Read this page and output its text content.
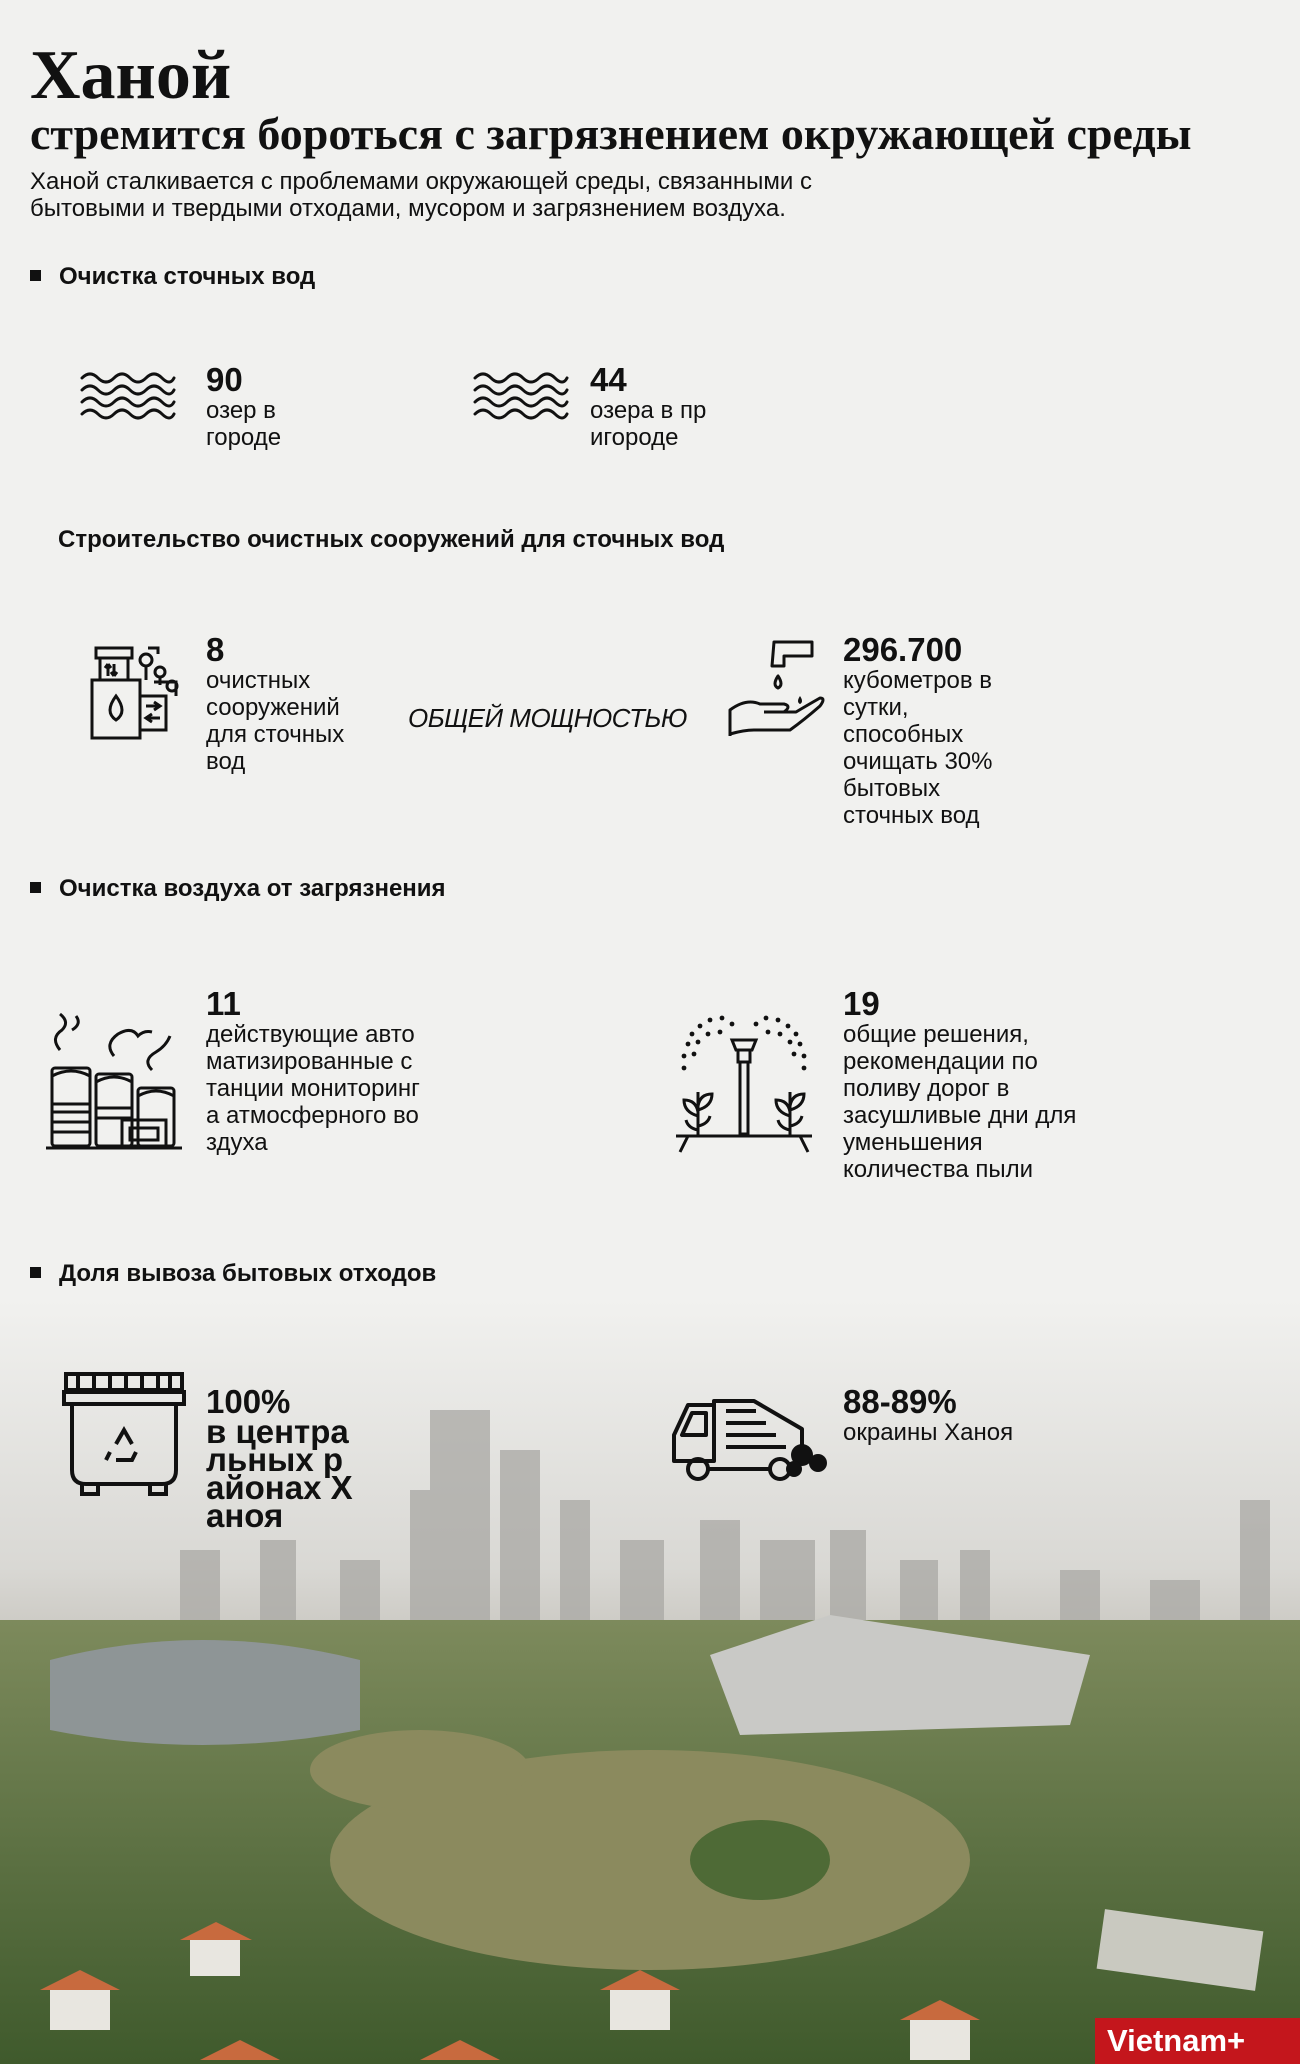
Ханой
стремится бороться с загрязнением окружающей среды
Ханой сталкивается с проблемами окружающей среды, связанными с бытовыми и твердыми отходами, мусором и загрязнением воздуха.
Очистка сточных вод
90
озер в городе
44
озера в пригороде
Строительство очистных сооружений для сточных вод
8
очистных сооружений для сточных вод
ОБЩЕЙ МОЩНОСТЬЮ
296.700
кубометров в сутки, способных очищать 30% бытовых сточных вод
Очистка воздуха от загрязнения
11
действующие автоматизированные станции мониторинга атмосферного воздуха
19
общие решения, рекомендации по поливу дорог в засушливые дни для уменьшения количества пыли
Доля вывоза бытовых отходов
100%
в центральных районах Ханоя
88-89%
окраины Ханоя
Vietnam+
